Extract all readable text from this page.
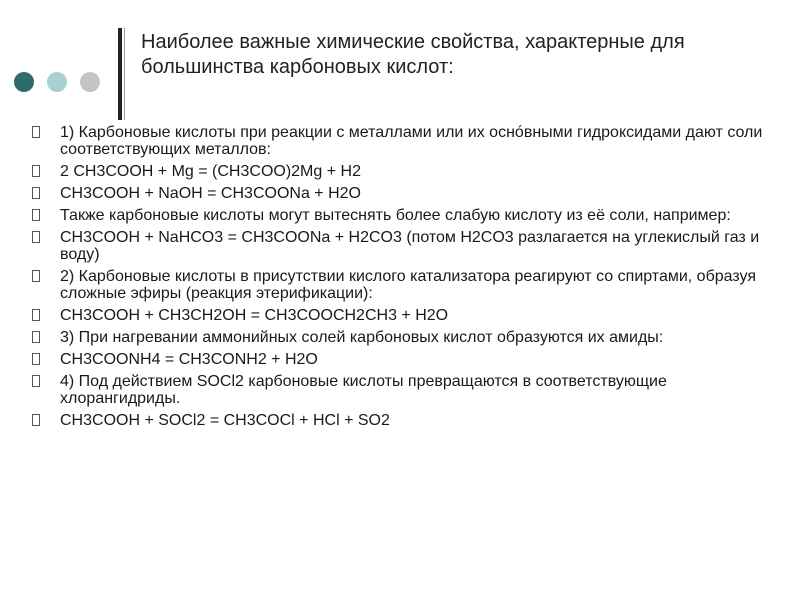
Наиболее важные химические свойства, характерные для большинства карбоновых кислот:
1) Карбоновые кислоты при реакции с металлами или их осно́вными гидроксидами дают соли соответствующих металлов:
2 CH3COOH + Mg = (CH3COO)2Mg + H2
CH3COOH + NaOH = CH3COONa + H2O
Также карбоновые кислоты могут вытеснять более слабую кислоту из её соли, например:
CH3COOH + NaHCO3 = CH3COONa + H2CO3 (потом H2CO3 разлагается на углекислый газ и воду)
2) Карбоновые кислоты в присутствии кислого катализатора реагируют со спиртами, образуя сложные эфиры (реакция этерификации):
CH3COOH + CH3CH2OH = CH3COOCH2CH3 + H2O
3) При нагревании аммонийных солей карбоновых кислот образуются их амиды:
CH3COONH4 = CH3CONH2 + H2O
4) Под действием SOCl2 карбоновые кислоты превращаются в соответствующие хлорангидриды.
CH3COOH + SOCl2 = CH3COCl + HCl + SO2
